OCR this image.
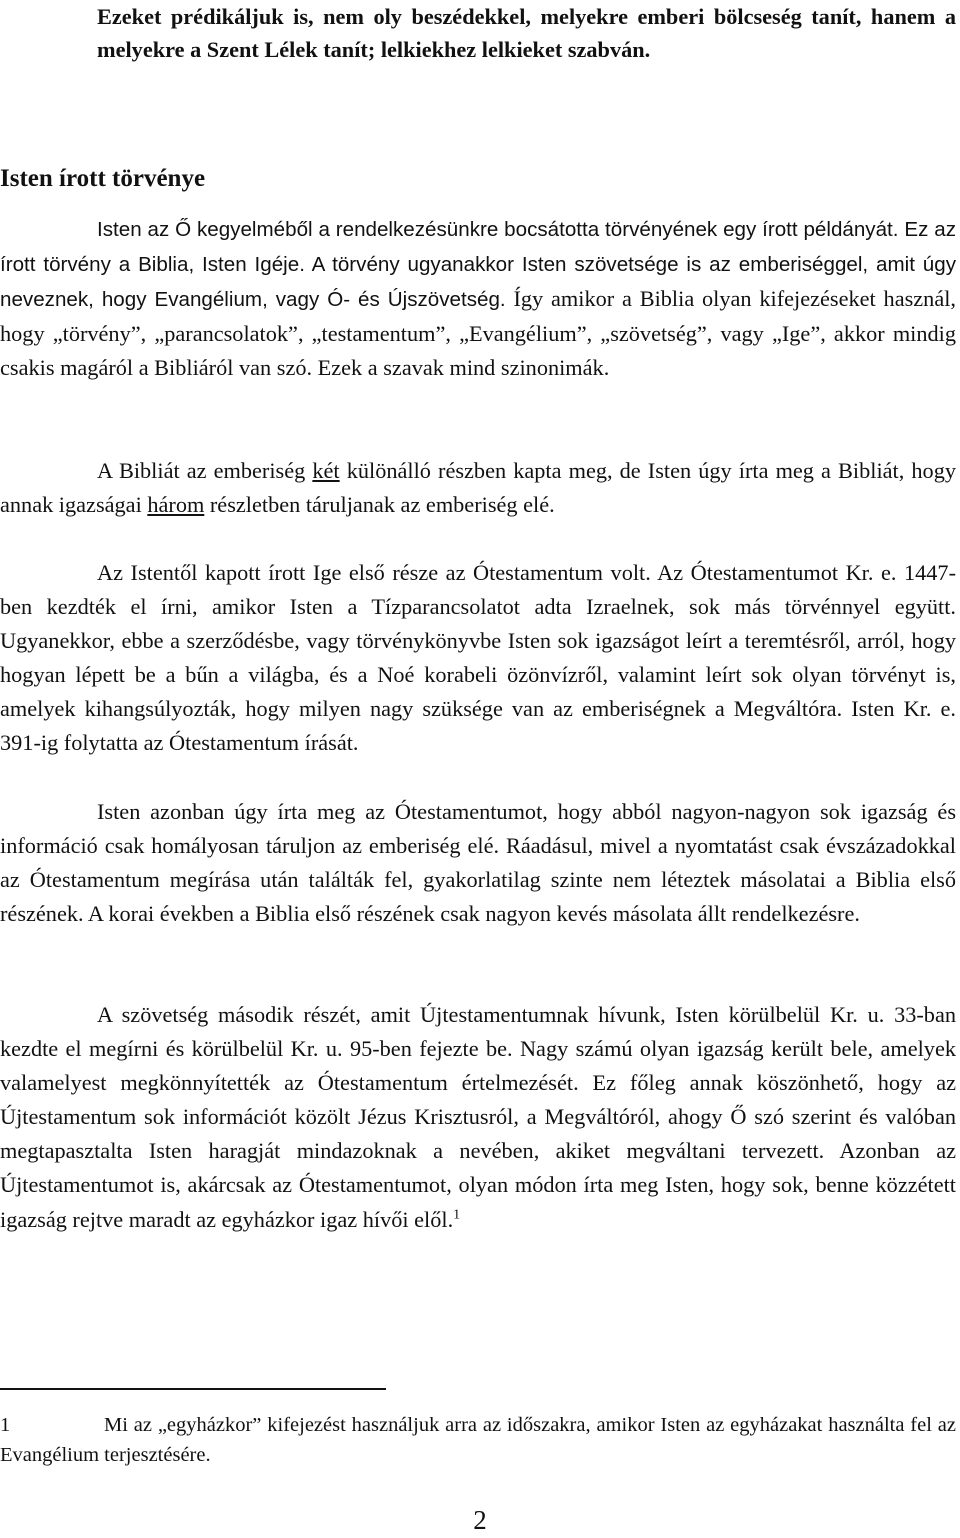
Ezeket prédikáljuk is, nem oly beszédekkel, melyekre emberi bölcseség tanít, hanem a melyekre a Szent Lélek tanít; lelkiekhez lelkieket szabván.

Isten írott törvénye

Isten az Ő kegyelméből a rendelkezésünkre bocsátotta törvényének egy írott példányát. Ez az írott törvény a Biblia, Isten Igéje. A törvény ugyanakkor Isten szövetsége is az emberiséggel, amit úgy neveznek, hogy Evangélium, vagy Ó- és Újszövetség. Így amikor a Biblia olyan kifejezéseket használ, hogy „törvény”, „parancsolatok”, „testamentum”, „Evangélium”, „szövetség”, vagy „Ige”, akkor mindig csakis magáról a Bibliáról van szó. Ezek a szavak mind szinonimák.

A Bibliát az emberiség két különálló részben kapta meg, de Isten úgy írta meg a Bibliát, hogy annak igazságai három részletben táruljanak az emberiség elé.

Az Istentől kapott írott Ige első része az Ótestamentum volt. Az Ótestamentumot Kr. e. 1447-ben kezdték el írni, amikor Isten a Tízparancsolatot adta Izraelnek, sok más törvénnyel együtt. Ugyanekkor, ebbe a szerződésbe, vagy törvénykönyvbe Isten sok igazságot leírt a teremtésről, arról, hogy hogyan lépett be a bűn a világba, és a Noé korabeli özönvízről, valamint leírt sok olyan törvényt is, amelyek kihangsúlyozták, hogy milyen nagy szüksége van az emberiségnek a Megváltóra. Isten Kr. e. 391-ig folytatta az Ótestamentum írását.

Isten azonban úgy írta meg az Ótestamentumot, hogy abból nagyon-nagyon sok igazság és információ csak homályosan táruljon az emberiség elé. Ráadásul, mivel a nyomtatást csak évszázadokkal az Ótestamentum megírása után találták fel, gyakorlatilag szinte nem léteztek másolatai a Biblia első részének. A korai években a Biblia első részének csak nagyon kevés másolata állt rendelkezésre.

A szövetség második részét, amit Újtestamentumnak hívunk, Isten körülbelül Kr. u. 33-ban kezdte el megírni és körülbelül Kr. u. 95-ben fejezte be. Nagy számú olyan igazság került bele, amelyek valamelyest megkönnyítették az Ótestamentum értelmezését. Ez főleg annak köszönhető, hogy az Újtestamentum sok információt közölt Jézus Krisztusról, a Megváltóról, ahogy Ő szó szerint és valóban megtapasztalta Isten haragját mindazoknak a nevében, akiket megváltani tervezett. Azonban az Újtestamentumot is, akárcsak az Ótestamentumot, olyan módon írta meg Isten, hogy sok, benne közzétett igazság rejtve maradt az egyházkor igaz hívői elől.$^1$

1	Mi az „egyházkor” kifejezést használjuk arra az időszakra, amikor Isten az egyházakat használta fel az Evangélium terjesztésére.

2
